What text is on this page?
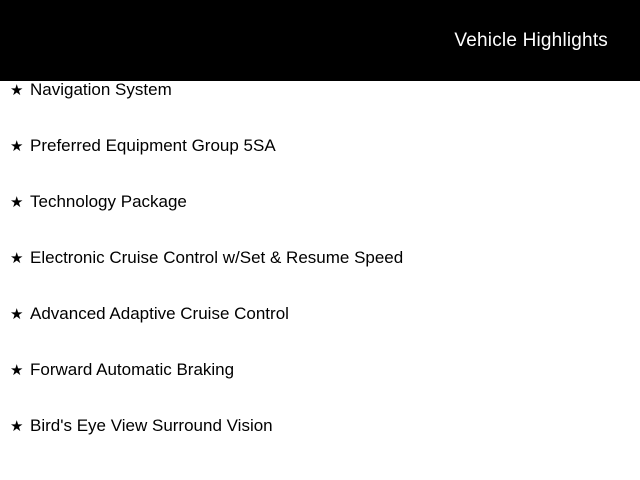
Vehicle Highlights
★ Navigation System
★ Preferred Equipment Group 5SA
★ Technology Package
★ Electronic Cruise Control w/Set & Resume Speed
★ Advanced Adaptive Cruise Control
★ Forward Automatic Braking
★ Bird's Eye View Surround Vision
